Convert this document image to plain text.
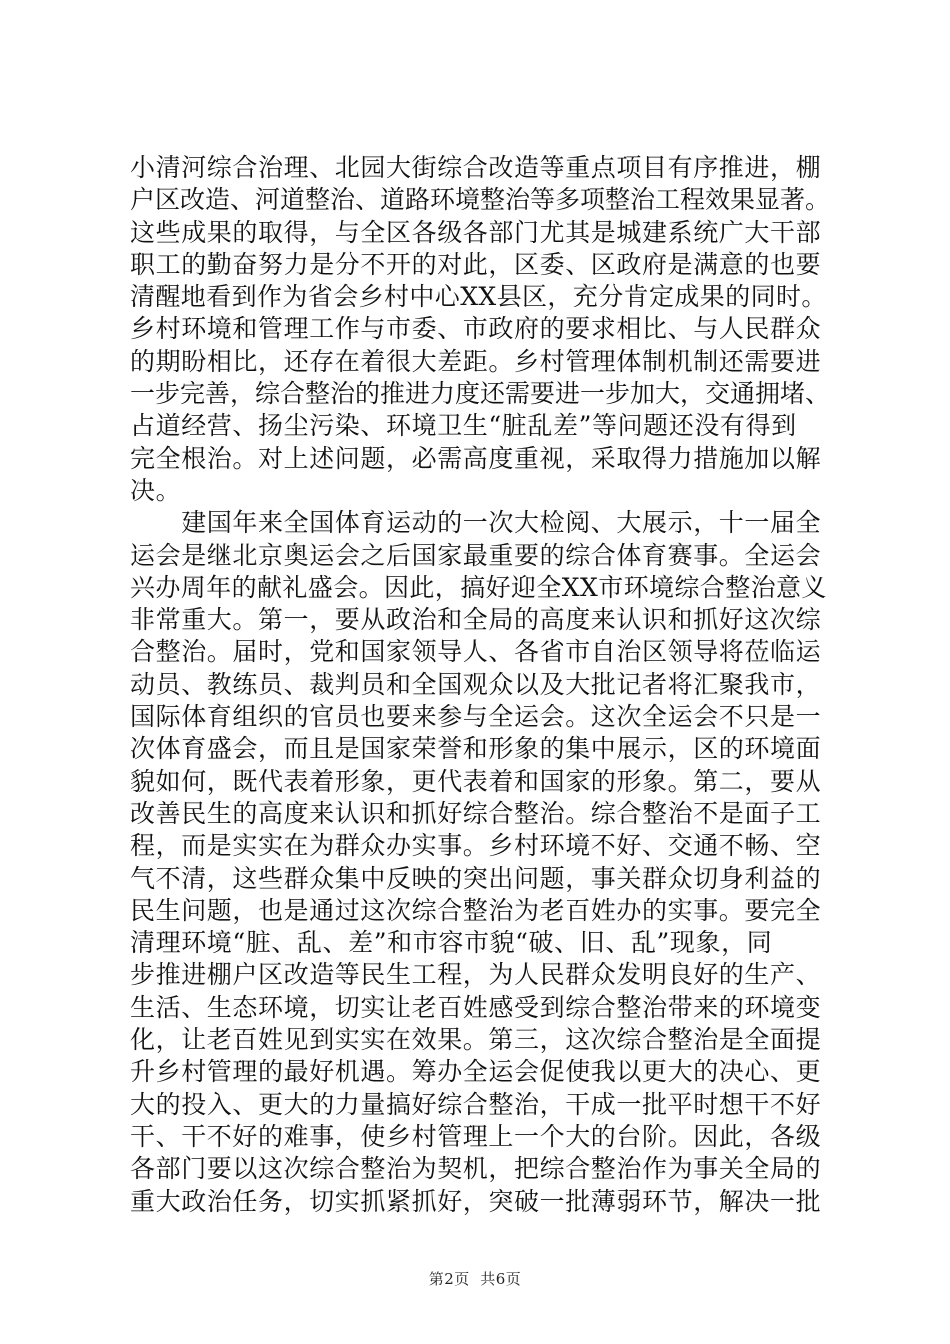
小清河综合治理、北园大街综合改造等重点项目有序推进，棚
户区改造、河道整治、道路环境整治等多项整治工程效果显著。
这些成果的取得，与全区各级各部门尤其是城建系统广大干部
职工的勤奋努力是分不开的对此，区委、区政府是满意的也要
清醒地看到作为省会乡村中心XX县区，充分肯定成果的同时。
乡村环境和管理工作与市委、市政府的要求相比、与人民群众
的期盼相比，还存在着很大差距。乡村管理体制机制还需要进
一步完善，综合整治的推进力度还需要进一步加大，交通拥堵、
占道经营、扬尘污染、环境卫生“脏乱差”等问题还没有得到
完全根治。对上述问题，必需高度重视，采取得力措施加以解
决。
　　建国年来全国体育运动的一次大检阅、大展示，十一届全
运会是继北京奥运会之后国家最重要的综合体育赛事。全运会
兴办周年的献礼盛会。因此，搞好迎全XX市环境综合整治意义
非常重大。第一，要从政治和全局的高度来认识和抓好这次综
合整治。届时，党和国家领导人、各省市自治区领导将莅临运
动员、教练员、裁判员和全国观众以及大批记者将汇聚我市，
国际体育组织的官员也要来参与全运会。这次全运会不只是一
次体育盛会，而且是国家荣誉和形象的集中展示，区的环境面
貌如何，既代表着形象，更代表着和国家的形象。第二，要从
改善民生的高度来认识和抓好综合整治。综合整治不是面子工
程，而是实实在为群众办实事。乡村环境不好、交通不畅、空
气不清，这些群众集中反映的突出问题，事关群众切身利益的
民生问题，也是通过这次综合整治为老百姓办的实事。要完全
清理环境“脏、乱、差”和市容市貌“破、旧、乱”现象，同
步推进棚户区改造等民生工程，为人民群众发明良好的生产、
生活、生态环境，切实让老百姓感受到综合整治带来的环境变
化，让老百姓见到实实在效果。第三，这次综合整治是全面提
升乡村管理的最好机遇。筹办全运会促使我以更大的决心、更
大的投入、更大的力量搞好综合整治，干成一批平时想干不好
干、干不好的难事，使乡村管理上一个大的台阶。因此，各级
各部门要以这次综合整治为契机，把综合整治作为事关全局的
重大政治任务，切实抓紧抓好，突破一批薄弱环节，解决一批
第2页  共6页
